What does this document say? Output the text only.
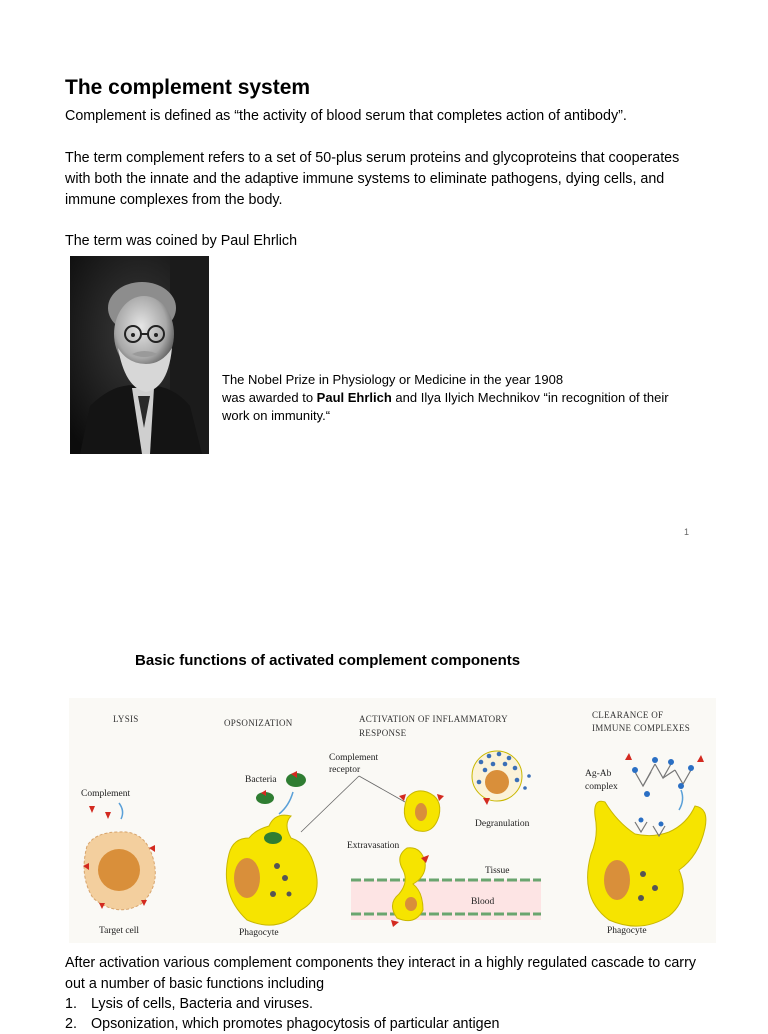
The complement system
Complement is defined as “the activity of blood serum that completes action of antibody”.
The term complement refers to a set of 50-plus serum proteins and glycoproteins that cooperates with both the innate and the adaptive immune systems to eliminate pathogens, dying cells, and immune complexes from the body.
The term was coined by Paul Ehrlich
The Nobel Prize in Physiology or Medicine in the year 1908
was awarded to Paul Ehrlich and Ilya Ilyich Mechnikov “in recognition of their work on immunity.“
1
Basic functions of activated complement components
LYSIS	OPSONIZATION	ACTIVATION OF INFLAMMATORY
RESPONSE
CLEARANCE OF
IMMUNE COMPLEXES
Complement
Target cell
Bacteria
Phagocyte
Complement
receptor
Degranulation
Extravasation
Tissue
Blood
Ag-Ab
complex
Phagocyte
After activation various complement components they interact in a highly regulated cascade to carry out a number of basic functions including
1. Lysis of cells, Bacteria and viruses.
2. Opsonization, which promotes phagocytosis of particular antigen
